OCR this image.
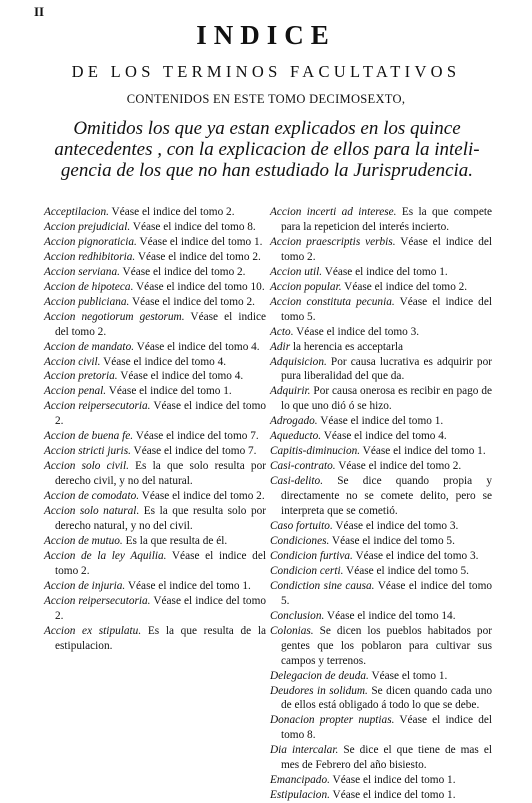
II
INDICE
DE LOS TERMINOS FACULTATIVOS
CONTENIDOS EN ESTE TOMO DECIMOSEXTO,
Omitidos los que ya estan explicados en los quince
antecedentes , con la explicacion de ellos para la inteli-
gencia de los que no han estudiado la Jurisprudencia.

Acceptilacion. Véase el indice del tomo 2.

Accion prejudicial. Véase el indice del tomo 8.

Accion pignoraticia. Véase el indice del tomo 1.

Accion redhibitoria. Véase el indice del tomo 2.

Accion serviana. Véase el indice del tomo 2.

Accion de hipoteca. Véase el indice del tomo 10.

Accion publiciana. Véase el indice del tomo 2.

Accion negotiorum gestorum. Véase el indice del tomo 2.

Accion de mandato. Véase el indice del tomo 4.

Accion civil. Véase el indice del tomo 4.

Accion pretoria. Véase el indice del tomo 4.

Accion penal. Véase el indice del tomo 1.

Accion reipersecutoria. Véase el indice del tomo 2.

Accion de buena fe. Véase el indice del tomo 7.

Accion stricti juris. Véase el indice del tomo 7.

Accion solo civil. Es la que solo resulta por derecho civil, y no del natural.

Accion de comodato. Véase el indice del tomo 2.

Accion solo natural. Es la que resulta solo por derecho natural, y no del civil.

Accion de mutuo. Es la que resulta de él.

Accion de la ley Aquilia. Véase el indice del tomo 2.

Accion de injuria. Véase el indice del tomo 1.

Accion reipersecutoria. Véase el indice del tomo 2.

Accion ex stipulatu. Es la que resulta de la estipulacion.

Accion incerti ad interese. Es la que compete para la repeticion del interés incierto.

Accion praescriptis verbis. Véase el indice del tomo 2.

Accion util. Véase el indice del tomo 1.

Accion popular. Véase el indice del tomo 2.

Accion constituta pecunia. Véase el indice del tomo 5.

Acto. Véase el indice del tomo 3.

Adir la herencia es acceptarla

Adquisicion. Por causa lucrativa es adquirir por pura liberalidad del que da.

Adquirir. Por causa onerosa es recibir en pago de lo que uno dió ó se hizo.

Adrogado. Véase el indice del tomo 1.

Aqueducto. Véase el indice del tomo 4.

Capitis-diminucion. Véase el indice del tomo 1.

Casi-contrato. Véase el indice del tomo 2.

Casi-delito. Se dice quando propia y directamente no se comete delito, pero se interpreta que se cometió.

Caso fortuito. Véase el indice del tomo 3.

Condiciones. Véase el indice del tomo 5.

Condicion furtiva. Véase el indice del tomo 3.

Condicion certi. Véase el indice del tomo 5.

Condiction sine causa. Véase el indice del tomo 5.

Conclusion. Véase el indice del tomo 14.

Colonias. Se dicen los pueblos habitados por gentes que los poblaron para cultivar sus campos y terrenos.

Delegacion de deuda. Véase el tomo 1.

Deudores in solidum. Se dicen quando cada uno de ellos está obligado á todo lo que se debe.

Donacion propter nuptias. Véase el indice del tomo 8.

Dia intercalar. Se dice el que tiene de mas el mes de Febrero del año bisiesto.

Emancipado. Véase el indice del tomo 1.

Estipulacion. Véase el indice del tomo 1.
